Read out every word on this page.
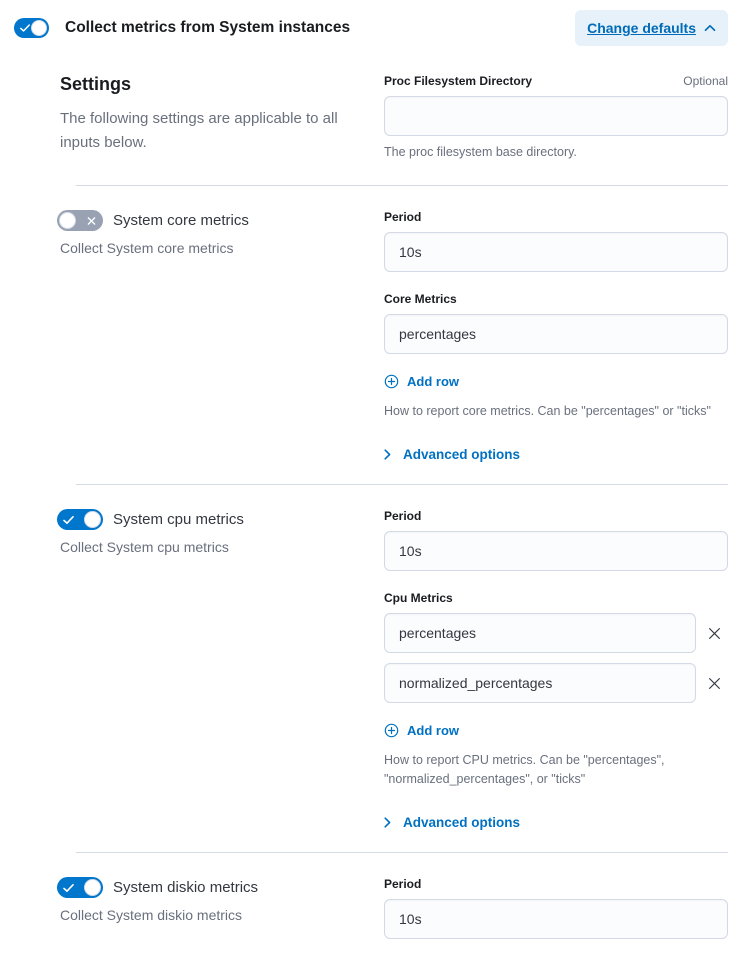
Collect metrics from System instances	Change defaults
Settings
The following settings are applicable to all inputs below.
Proc Filesystem Directory	Optional
The proc filesystem base directory.
System core metrics
Collect System core metrics
Period
10s
Core Metrics
percentages
Add row
How to report core metrics. Can be "percentages" or "ticks"
Advanced options
System cpu metrics
Collect System cpu metrics
Period
10s
Cpu Metrics
percentages
normalized_percentages
Add row
How to report CPU metrics. Can be "percentages", "normalized_percentages", or "ticks"
Advanced options
System diskio metrics
Collect System diskio metrics
Period
10s
